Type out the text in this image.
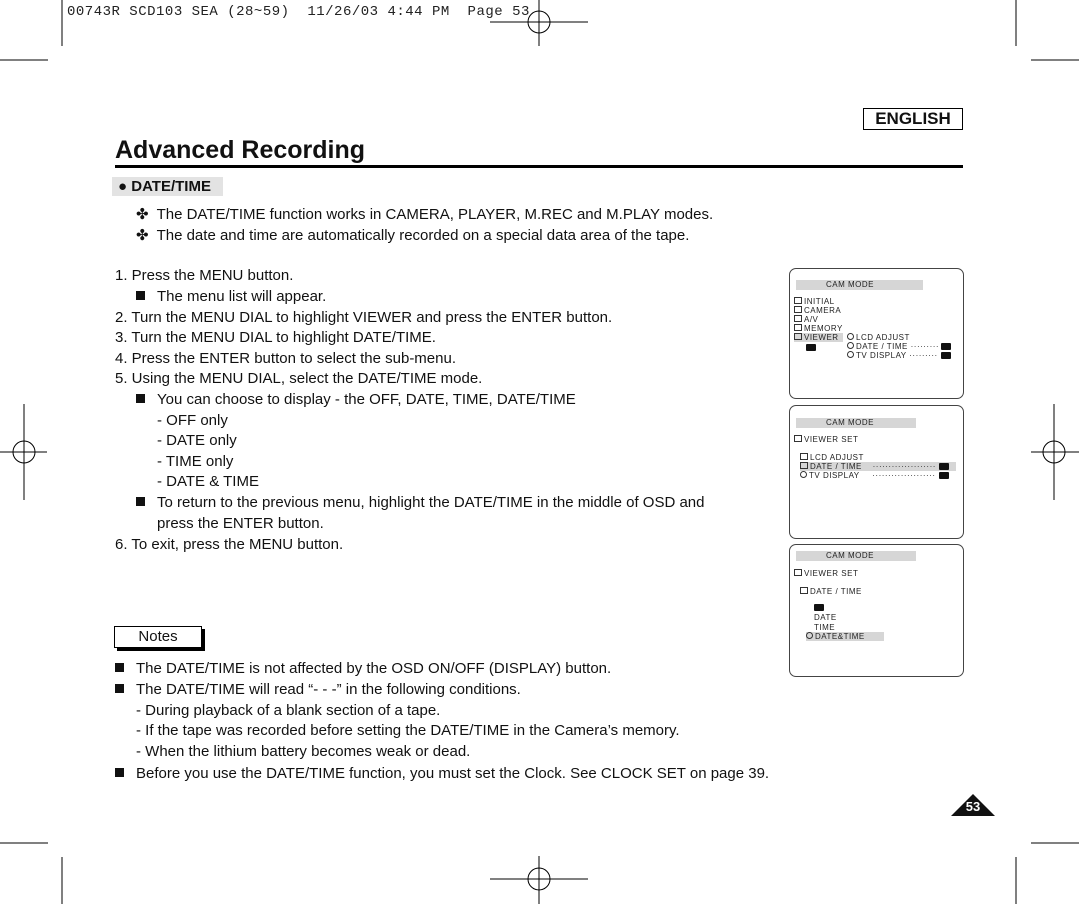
00743R SCD103 SEA (28~59)  11/26/03 4:44 PM  Page 53
ENGLISH
Advanced Recording
● DATE/TIME
✤ The DATE/TIME function works in CAMERA, PLAYER, M.REC and M.PLAY modes.
✤ The date and time are automatically recorded on a special data area of the tape.
1. Press the MENU button.
The menu list will appear.
2. Turn the MENU DIAL to highlight VIEWER and press the ENTER button.
3. Turn the MENU DIAL to highlight DATE/TIME.
4. Press the ENTER button to select the sub-menu.
5. Using the MENU DIAL, select the DATE/TIME mode.
You can choose to display - the OFF, DATE, TIME, DATE/TIME
- OFF only
- DATE only
- TIME only
- DATE & TIME
To return to the previous menu, highlight the DATE/TIME in the middle of OSD and
press the ENTER button.
6. To exit, press the MENU button.
Notes
The DATE/TIME is not affected by the OSD ON/OFF (DISPLAY) button.
The DATE/TIME will read “- - -” in the following conditions.
- During playback of a blank section of a tape.
- If the tape was recorded before setting the DATE/TIME in the Camera’s memory.
- When the lithium battery becomes weak or dead.
Before you use the DATE/TIME function, you must set the Clock. See CLOCK SET on page 39.
CAM MODE
INITIAL
CAMERA
A/V
MEMORY
VIEWER	LCD ADJUST
DATE / TIME ·········
TV DISPLAY ·········
CAM MODE
VIEWER SET
LCD ADJUST
DATE / TIME ····················
TV DISPLAY ····················
CAM MODE
VIEWER SET
DATE / TIME
DATE
TIME
DATE&TIME
53
